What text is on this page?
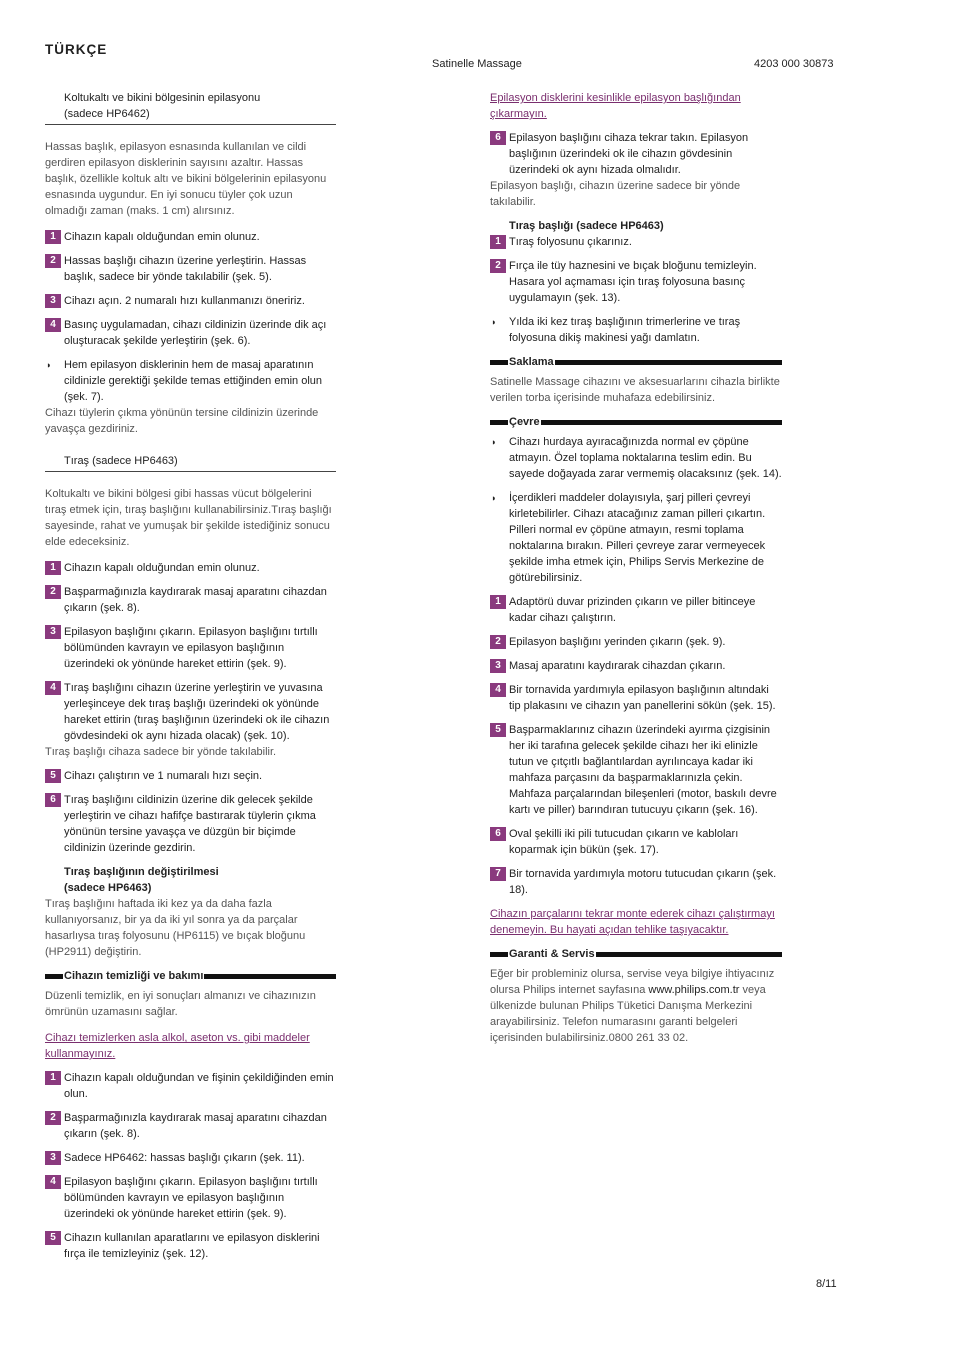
TÜRKÇE
Satinelle Massage	4203 000 30873
Koltukaltı ve bikini bölgesinin epilasyonu
(sadece HP6462)
Hassas başlık, epilasyon esnasında kullanılan ve cildi gerdiren epilasyon disklerinin sayısını azaltır. Hassas başlık, özellikle koltuk altı ve bikini bölgelerinin epilasyonu esnasında uygundur. En iyi sonucu tüyler çok uzun olmadığı zaman (maks. 1 cm) alırsınız.
1 Cihazın kapalı olduğundan emin olunuz.
2 Hassas başlığı cihazın üzerine yerleştirin. Hassas başlık, sadece bir yönde takılabilir (şek. 5).
3 Cihazı açın. 2 numaralı hızı kullanmanızı öneririz.
4 Basınç uygulamadan, cihazı cildinizin üzerinde dik açı oluşturacak şekilde yerleştirin (şek. 6).
◗ Hem epilasyon disklerinin hem de masaj aparatının cildinizle gerektiği şekilde temas ettiğinden emin olun (şek. 7).
Cihazı tüylerin çıkma yönünün tersine cildinizin üzerinde yavaşça gezdiriniz.
Tıraş (sadece HP6463)
Koltukaltı ve bikini bölgesi gibi hassas vücut bölgelerini tıraş etmek için, tıraş başlığını kullanabilirsiniz.Tıraş başlığı sayesinde, rahat ve yumuşak bir şekilde istediğiniz sonucu elde edeceksiniz.
1 Cihazın kapalı olduğundan emin olunuz.
2 Başparmağınızla kaydırarak masaj aparatını cihazdan çıkarın (şek. 8).
3 Epilasyon başlığını çıkarın. Epilasyon başlığını tırtıllı bölümünden kavrayın ve epilasyon başlığının üzerindeki ok yönünde hareket ettirin (şek. 9).
4 Tıraş başlığını cihazın üzerine yerleştirin ve yuvasına yerleşinceye dek tıraş başlığı üzerindeki ok yönünde hareket ettirin (tıraş başlığının üzerindeki ok ile cihazın gövdesindeki ok aynı hizada olacak) (şek. 10).
Tıraş başlığı cihaza sadece bir yönde takılabilir.
5 Cihazı çalıştırın ve 1 numaralı hızı seçin.
6 Tıraş başlığını cildinizin üzerine dik gelecek şekilde yerleştirin ve cihazı hafifçe bastırarak tüylerin çıkma yönünün tersine yavaşça ve düzgün bir biçimde cildinizin üzerinde gezdirin.
Tıraş başlığının değiştirilmesi
(sadece HP6463)
Tıraş başlığını haftada iki kez ya da daha fazla kullanıyorsanız, bir ya da iki yıl sonra ya da parçalar hasarlıysa tıraş folyosunu (HP6115) ve bıçak bloğunu (HP2911) değiştirin.
Cihazın temizliği ve bakımı
Düzenli temizlik, en iyi sonuçları almanızı ve cihazınızın ömrünün uzamasını sağlar.
Cihazı temizlerken asla alkol, aseton vs. gibi maddeler kullanmayınız.
1 Cihazın kapalı olduğundan ve fişinin çekildiğinden emin olun.
2 Başparmağınızla kaydırarak masaj aparatını cihazdan çıkarın (şek. 8).
3 Sadece HP6462: hassas başlığı çıkarın (şek. 11).
4 Epilasyon başlığını çıkarın. Epilasyon başlığını tırtıllı bölümünden kavrayın ve epilasyon başlığının üzerindeki ok yönünde hareket ettirin (şek. 9).
5 Cihazın kullanılan aparatlarını ve epilasyon disklerini fırça ile temizleyiniz (şek. 12).
Epilasyon disklerini kesinlikle epilasyon başlığından çıkarmayın.
6 Epilasyon başlığını cihaza tekrar takın. Epilasyon başlığının üzerindeki ok ile cihazın gövdesinin üzerindeki ok aynı hizada olmalıdır.
Epilasyon başlığı, cihazın üzerine sadece bir yönde takılabilir.
Tıraş başlığı (sadece HP6463)
1 Tıraş folyosunu çıkarınız.
2 Fırça ile tüy haznesini ve bıçak bloğunu temizleyin. Hasara yol açmaması için tıraş folyosuna basınç uygulamayın (şek. 13).
◗ Yılda iki kez tıraş başlığının trimerlerine ve tıraş folyosuna dikiş makinesi yağı damlatın.
Saklama
Satinelle Massage cihazını ve aksesuarlarını cihazla birlikte verilen torba içerisinde muhafaza edebilirsiniz.
Çevre
◗ Cihazı hurdaya ayıracağınızda normal ev çöpüne atmayın. Özel toplama noktalarına teslim edin. Bu sayede doğayada zarar vermemiş olacaksınız (şek. 14).
◗ İçerdikleri maddeler dolayısıyla, şarj pilleri çevreyi kirletebilirler. Cihazı atacağınız zaman pilleri çıkartın. Pilleri normal ev çöpüne atmayın, resmi toplama noktalarına bırakın. Pilleri çevreye zarar vermeyecek şekilde imha etmek için, Philips Servis Merkezine de götürebilirsiniz.
1 Adaptörü duvar prizinden çıkarın ve piller bitinceye kadar cihazı çalıştırın.
2 Epilasyon başlığını yerinden çıkarın (şek. 9).
3 Masaj aparatını kaydırarak cihazdan çıkarın.
4 Bir tornavida yardımıyla epilasyon başlığının altındaki tip plakasını ve cihazın yan panellerini sökün (şek. 15).
5 Başparmaklarınız cihazın üzerindeki ayırma çizgisinin her iki tarafına gelecek şekilde cihazı her iki elinizle tutun ve çıtçıtlı bağlantılardan ayrılıncaya kadar iki mahfaza parçasını da başparmaklarınızla çekin. Mahfaza parçalarından bileşenleri (motor, baskılı devre kartı ve piller) barındıran tutucuyu çıkarın (şek. 16).
6 Oval şekilli iki pili tutucudan çıkarın ve kabloları koparmak için bükün (şek. 17).
7 Bir tornavida yardımıyla motoru tutucudan çıkarın (şek. 18).
Cihazın parçalarını tekrar monte ederek cihazı çalıştırmayı denemeyin. Bu hayati açıdan tehlike taşıyacaktır.
Garanti & Servis
Eğer bir probleminiz olursa, servise veya bilgiye ihtiyacınız olursa Philips internet sayfasına www.philips.com.tr veya ülkenizde bulunan Philips Tüketici Danışma Merkezini arayabilirsiniz. Telefon numarasını garanti belgeleri içerisinden bulabilirsiniz.0800 261 33 02.
8/11
